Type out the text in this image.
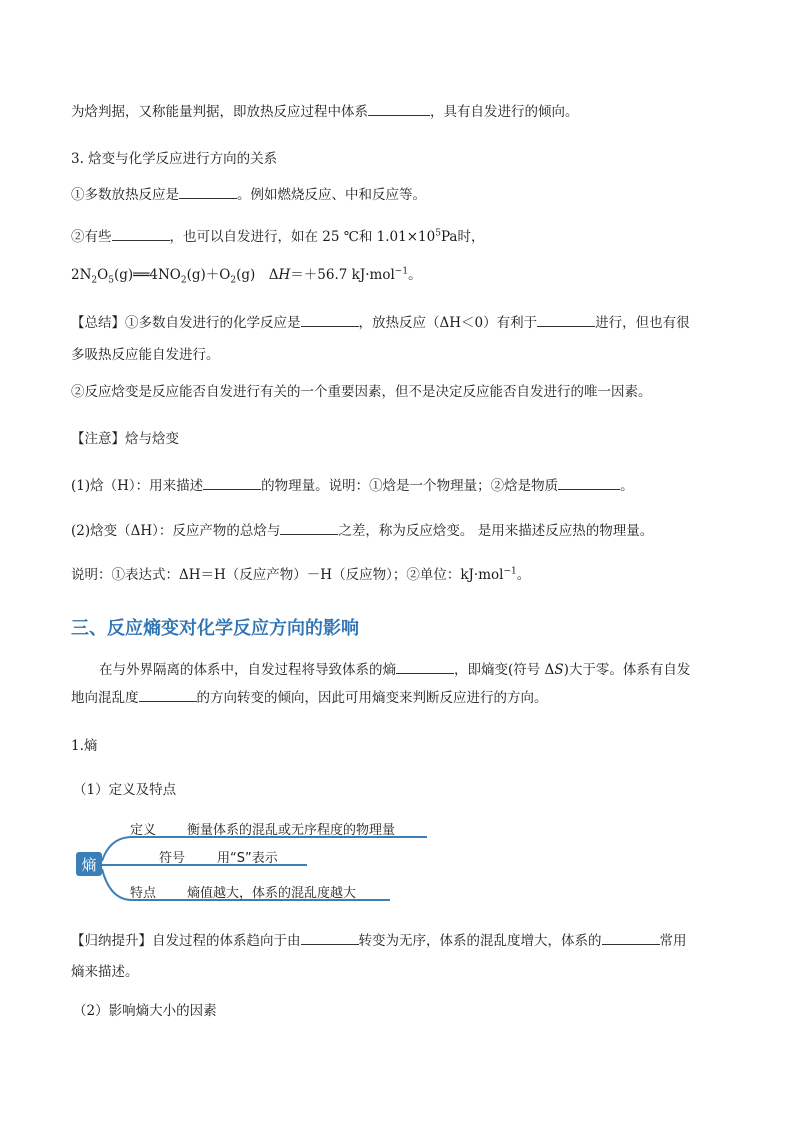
为焓判据，又称能量判据，即放热反应过程中体系	，具有自发进行的倾向。
3. 焓变与化学反应进行方向的关系
①多数放热反应是	。例如燃烧反应、中和反应等。
②有些	，也可以自发进行，如在 25 ℃和 $1.01\times 10^5Pa$时，
$2N_2O_5(g)══4NO_2(g)+O_2(g)$　ΔH＝＋56.7 kJ·mol$^{-1}$。
【总结】①多数自发进行的化学反应是	，放热反应（ΔH＜0）有利于	进行，但也有很
多吸热反应能自发进行。
②反应焓变是反应能否自发进行有关的一个重要因素，但不是决定反应能否自发进行的唯一因素。
【注意】焓与焓变
(1)焓（H）：用来描述	的物理量。说明：①焓是一个物理量；②焓是物质	。
(2)焓变（ΔH）：反应产物的总焓与	之差，称为反应焓变。 是用来描述反应热的物理量。
说明：①表达式：ΔH＝H（反应产物）－H（反应物）；②单位：kJ·mol$^{-1}$。
三、反应熵变对化学反应方向的影响
在与外界隔离的体系中，自发过程将导致体系的熵	，即熵变(符号 ΔS)大于零。体系有自发
地向混乱度	的方向转变的倾向，因此可用熵变来判断反应进行的方向。
1.熵
（1）定义及特点
熵
定义 衡量体系的混乱或无序程度的物理量
符号 用“S”表示
特点 熵值越大，体系的混乱度越大
【归纳提升】自发过程的体系趋向于由	转变为无序，体系的混乱度增大，体系的	常用
熵来描述。
（2）影响熵大小的因素
